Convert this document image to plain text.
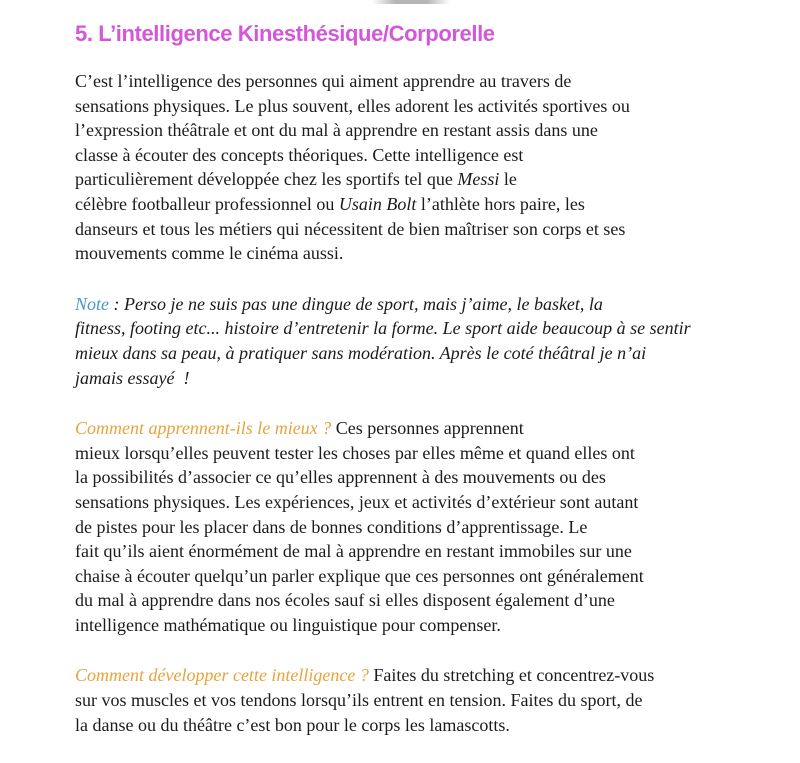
5. L’intelligence Kinesthésique/Corporelle

C’est l’intelligence des personnes qui aiment apprendre au travers de
sensations physiques. Le plus souvent, elles adorent les activités sportives ou
l’expression théâtrale et ont du mal à apprendre en restant assis dans une
classe à écouter des concepts théoriques. Cette intelligence est
particulièrement développée chez les sportifs tel que Messi le
célèbre footballeur professionnel ou Usain Bolt l’athlète hors paire, les
danseurs et tous les métiers qui nécessitent de bien maîtriser son corps et ses
mouvements comme le cinéma aussi.

Note : Perso je ne suis pas une dingue de sport, mais j’aime, le basket, la
fitness, footing etc... histoire d’entretenir la forme. Le sport aide beaucoup à se sentir
mieux dans sa peau, à pratiquer sans modération. Après le coté théâtral je n’ai
jamais essayé  !

Comment apprennent-ils le mieux ? Ces personnes apprennent
mieux lorsqu’elles peuvent tester les choses par elles même et quand elles ont
la possibilités d’associer ce qu’elles apprennent à des mouvements ou des
sensations physiques. Les expériences, jeux et activités d’extérieur sont autant
de pistes pour les placer dans de bonnes conditions d’apprentissage. Le
fait qu’ils aient énormément de mal à apprendre en restant immobiles sur une
chaise à écouter quelqu’un parler explique que ces personnes ont généralement
du mal à apprendre dans nos écoles sauf si elles disposent également d’une
intelligence mathématique ou linguistique pour compenser.

Comment développer cette intelligence ? Faites du stretching et concentrez-vous
sur vos muscles et vos tendons lorsqu’ils entrent en tension. Faites du sport, de
la danse ou du théâtre c’est bon pour le corps les lamascotts.
